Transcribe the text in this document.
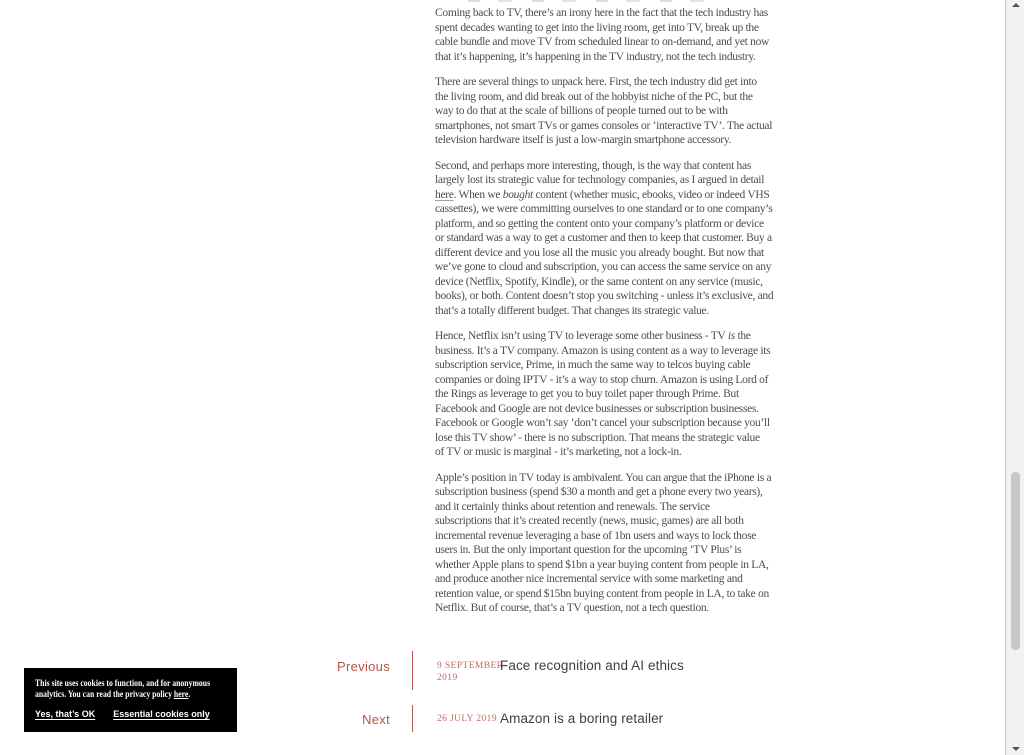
Coming back to TV, there’s an irony here in the fact that the tech industry has
spent decades wanting to get into the living room, get into TV, break up the
cable bundle and move TV from scheduled linear to on-demand, and yet now
that it’s happening, it’s happening in the TV industry, not the tech industry.
There are several things to unpack here. First, the tech industry did get into
the living room, and did break out of the hobbyist niche of the PC, but the
way to do that at the scale of billions of people turned out to be with
smartphones, not smart TVs or games consoles or ‘interactive TV’. The actual
television hardware itself is just a low-margin smartphone accessory.
Second, and perhaps more interesting, though, is the way that content has
largely lost its strategic value for technology companies, as I argued in detail
here. When we bought content (whether music, ebooks, video or indeed VHS
cassettes), we were committing ourselves to one standard or to one company’s
platform, and so getting the content onto your company’s platform or device
or standard was a way to get a customer and then to keep that customer. Buy a
different device and you lose all the music you already bought. But now that
we’ve gone to cloud and subscription, you can access the same service on any
device (Netflix, Spotify, Kindle), or the same content on any service (music,
books), or both. Content doesn’t stop you switching - unless it’s exclusive, and
that’s a totally different budget. That changes its strategic value.
Hence, Netflix isn’t using TV to leverage some other business - TV is the
business. It’s a TV company. Amazon is using content as a way to leverage its
subscription service, Prime, in much the same way to telcos buying cable
companies or doing IPTV - it’s a way to stop churn. Amazon is using Lord of
the Rings as leverage to get you to buy toilet paper through Prime. But
Facebook and Google are not device businesses or subscription businesses.
Facebook or Google won’t say ‘don’t cancel your subscription because you’ll
lose this TV show’ - there is no subscription. That means the strategic value
of TV or music is marginal - it’s marketing, not a lock-in.
Apple’s position in TV today is ambivalent. You can argue that the iPhone is a
subscription business (spend $30 a month and get a phone every two years),
and it certainly thinks about retention and renewals. The service
subscriptions that it’s created recently (news, music, games) are all both
incremental revenue leveraging a base of 1bn users and ways to lock those
users in. But the only important question for the upcoming ‘TV Plus’ is
whether Apple plans to spend $1bn a year buying content from people in LA,
and produce another nice incremental service with some marketing and
retention value, or spend $15bn buying content from people in LA, to take on
Netflix. But of course, that’s a TV question, not a tech question.
Previous	9 SEPTEMBER
2019
Face recognition and AI ethics
Next	26 JULY 2019 Amazon is a boring retailer
This site uses cookies to function, and for anonymous
analytics. You can read the privacy policy here.
Yes, that’s OK Essential cookies only
